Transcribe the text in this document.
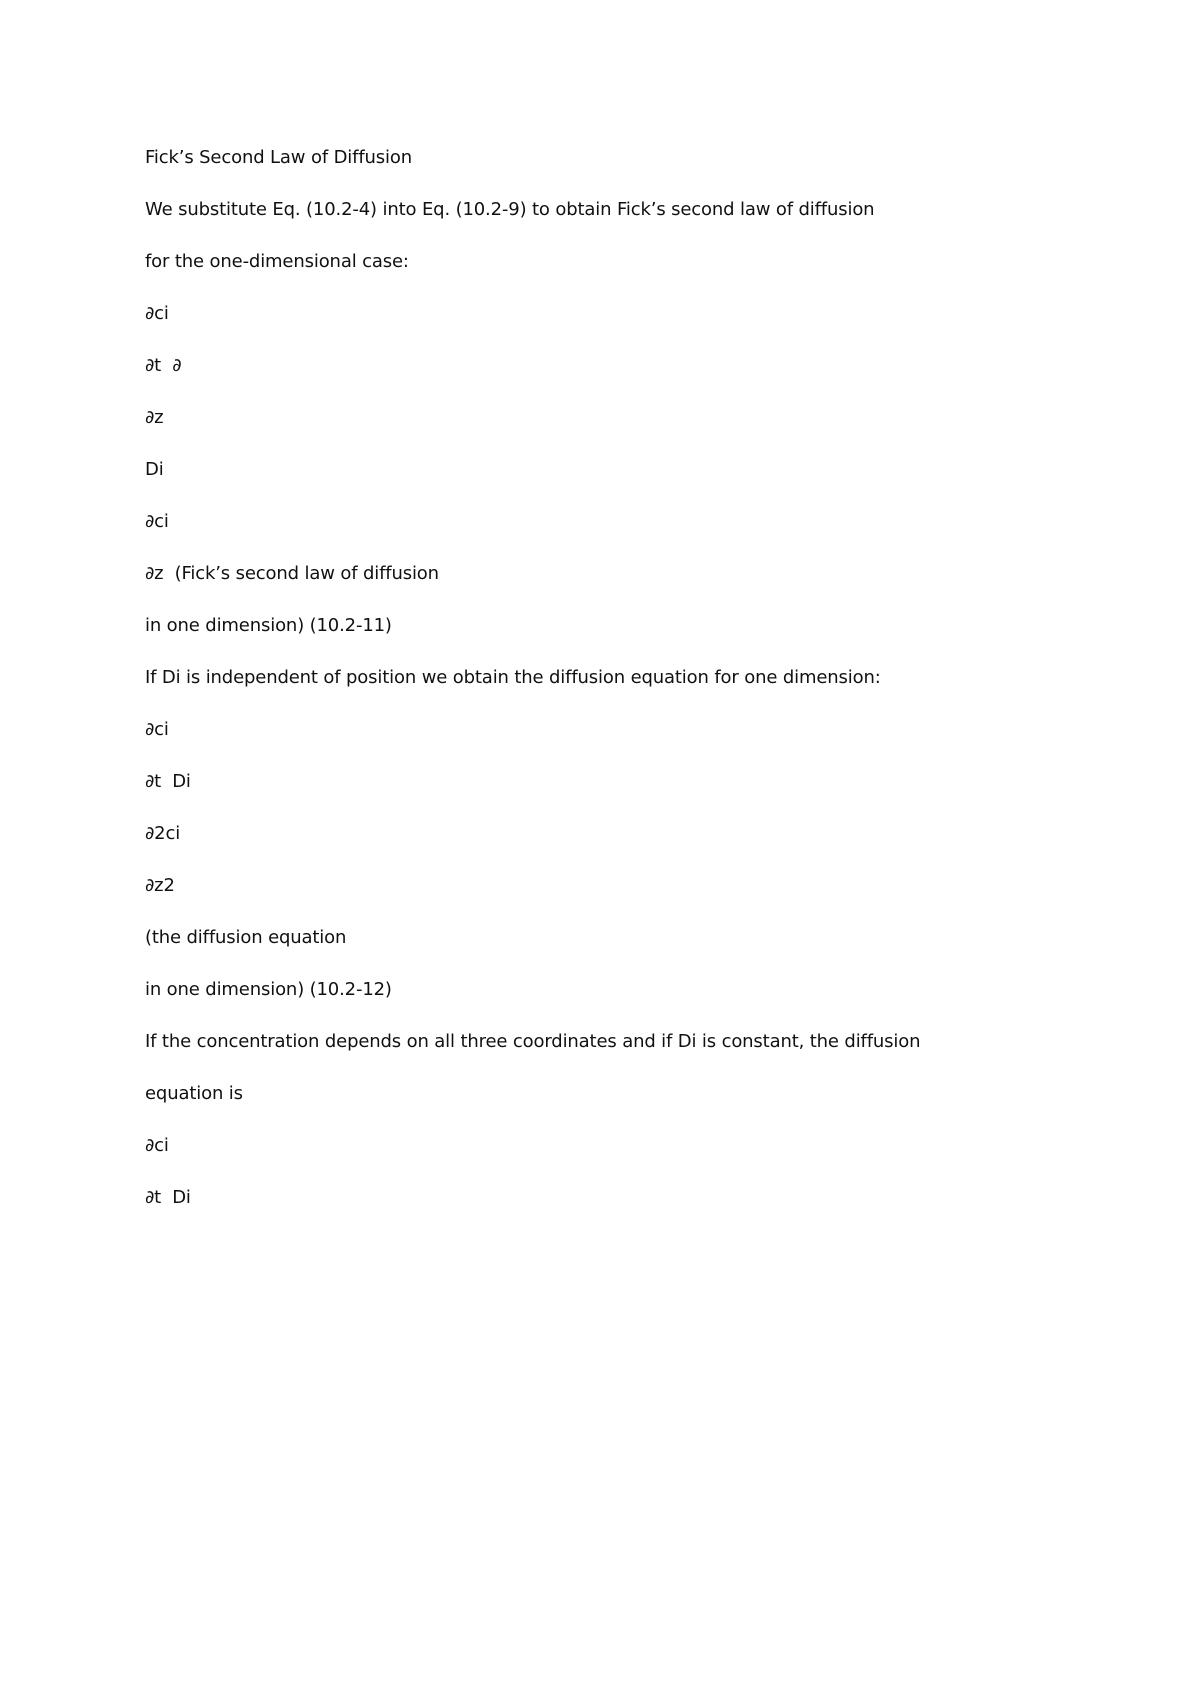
Fick’s Second Law of Diffusion
We substitute Eq. (10.2-4) into Eq. (10.2-9) to obtain Fick’s second law of diffusion
for the one-dimensional case:
∂ci
∂t  ∂
∂z
Di
∂ci
∂z  (Fick’s second law of diffusion
in one dimension) (10.2-11)
If Di is independent of position we obtain the diffusion equation for one dimension:
∂ci
∂t  Di
∂2ci
∂z2
(the diffusion equation
in one dimension) (10.2-12)
If the concentration depends on all three coordinates and if Di is constant, the diffusion
equation is
∂ci
∂t  Di
